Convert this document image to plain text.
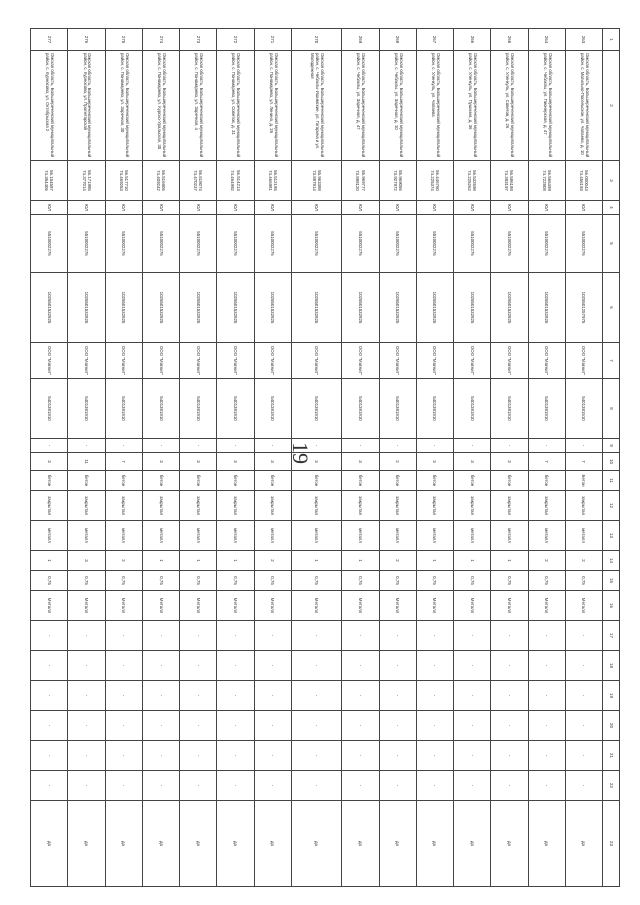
19
1	2	3	4	5	6	7	8	9	10	11	12	13	14	15	16	17	18	19	20	21	22	23
263	Омская область, Большереченский муниципальный район, с. Могильно-Посельское, ул. Чапаева, д. 10	56.000043 74.456193	ЮЛ	5510002276	1025501257975	ООО "Магнит"	5401381510	-	7	Бетон	закрытая	металл	2	0,75	Металл	-	-	-	-	-	-	да
264	Омская область, Большереченский муниципальный район, с. Чебаклы, ул. Пионерская, д. 47	56.566399 74.722808	ЮЛ	5510002276	1025501532825	ООО "Магнит"	5401381810	-	7	бетон	закрытая	металл	2	0,75	Металл	-	-	-	-	-	-	да
265	Омская область, Большереченский муниципальный район, с. Уленкуль, ул. Советов, д. 26	56.586188 74.393197	ЮЛ	5510002276	1025501532825	ООО "Магнит"	5401381810	-	3	бетон	закрытая	металл	1	0,75	Металл	-	-	-	-	-	-	да
266	Омская область, Большереченский муниципальный район, с. Уленкуль, ул. Пушкина, д. 36	56.532598 74.225262	ЮЛ	5510002276	1025501532825	ООО "Магнит"	5401381810	-	3	бетон	закрытая	металл	1	0,75	Металл	-	-	-	-	-	-	да
267	Омская область, Большереченский муниципальный район, с. Уленкуль, ул. Чапаева	56.446760 74.225374	ЮЛ	5510002276	1025501532825	ООО "Магнит"	5401381810	-	3	бетон	закрытая	металл	1	0,75	Металл	-	-	-	-	-	-	да
268	Омская область, Большереченский муниципальный район, с. Чебаклы, ул. Заречная, д. 10	55.969056 73.927972	ЮЛ	5510002276	1025501532825	ООО "Магнит"	5401381810	-	2	бетон	закрытая	металл	2	0,75	Металл	-	-	-	-	-	-	да
269	Омская область, Большереченский муниципальный район, с. Чебаклы, ул. Заречная, д. 47	55.969777 73.888120	ЮЛ	5510002276	1025501532825	ООО "Магнит"	5401381810	-	3	бетон	закрытая	металл	1	0,75	Металл	-	-	-	-	-	-	да
270	Омская область, Большереченский муниципальный район, с. Чебаклы-Ишимские, ул. Гагарина и ул. Молодежная	55.963388 73.887814	ЮЛ	5510002276	1025501532825	ООО "Магнит"	5401381810	-	3	бетон	закрытая	металл	1	0,75	Металл	-	-	-	-	-	-	да
271	Омская область, Большереченский муниципальный район, с. Пономарево, ул. Ленина, д. 26	56.512185 74.466981	ЮЛ	5510002276	1025501532825	ООО "Магнит"	5401381810	-	3	бетон	закрытая	металл	2	0,75	Металл	-	-	-	-	-	-	да
272	Омская область, Большереченский муниципальный район, с. Пономарево, ул. Советов, д. 31	56.514213 74.464992	ЮЛ	5510002276	1025501532825	ООО "Магнит"	5401381810	-	3	бетон	закрытая	металл	1	0,75	Металл	-	-	-	-	-	-	да
273	Омская область, Большереченский муниципальный район, с. Пономарево, ул. Заречная, 4	56.518074 74.470237	ЮЛ	5510002276	1025501532825	ООО "Магнит"	5401381810	-	3	бетон	закрытая	металл	1	0,75	Металл	-	-	-	-	-	-	да
274	Омская область, Большереченский муниципальный район, с. Пономарево, ул. Курско-Уральская, 30	56.516806 74.409242	ЮЛ	5510002276	1025501532825	ООО "Магнит"	5401381810	-	3	бетон	закрытая	металл	1	0,75	Металл	-	-	-	-	-	-	да
275	Омская область, Большереченский муниципальный район, с. Пономарево, ул. Заречная, 30	56.517710 74.469253	ЮЛ	5510002276	1025501532825	ООО "Магнит"	5401381810	-	7	бетон	закрытая	металл	2	0,75	Металл	-	-	-	-	-	-	да
276	Омская область, Большереченский муниципальный район, с. Курносово, ул. Пролетарская	56.171985 74.377014	ЮЛ	5510002276	1025501532825	ООО "Магнит"	5401381810	-	11	бетон	закрытая	металл	3	0,75	Металл	-	-	-	-	-	-	да
277	Омская область, Большереченский муниципальный район, с. Курносово, ул. Октябрьская 2	56.154587 74.354406	ЮЛ	5510002276	1025501532825	ООО "Магнит"	5401381810	-	3	бетон	закрытая	металл	1	0,75	Металл	-	-	-	-	-	-	да
